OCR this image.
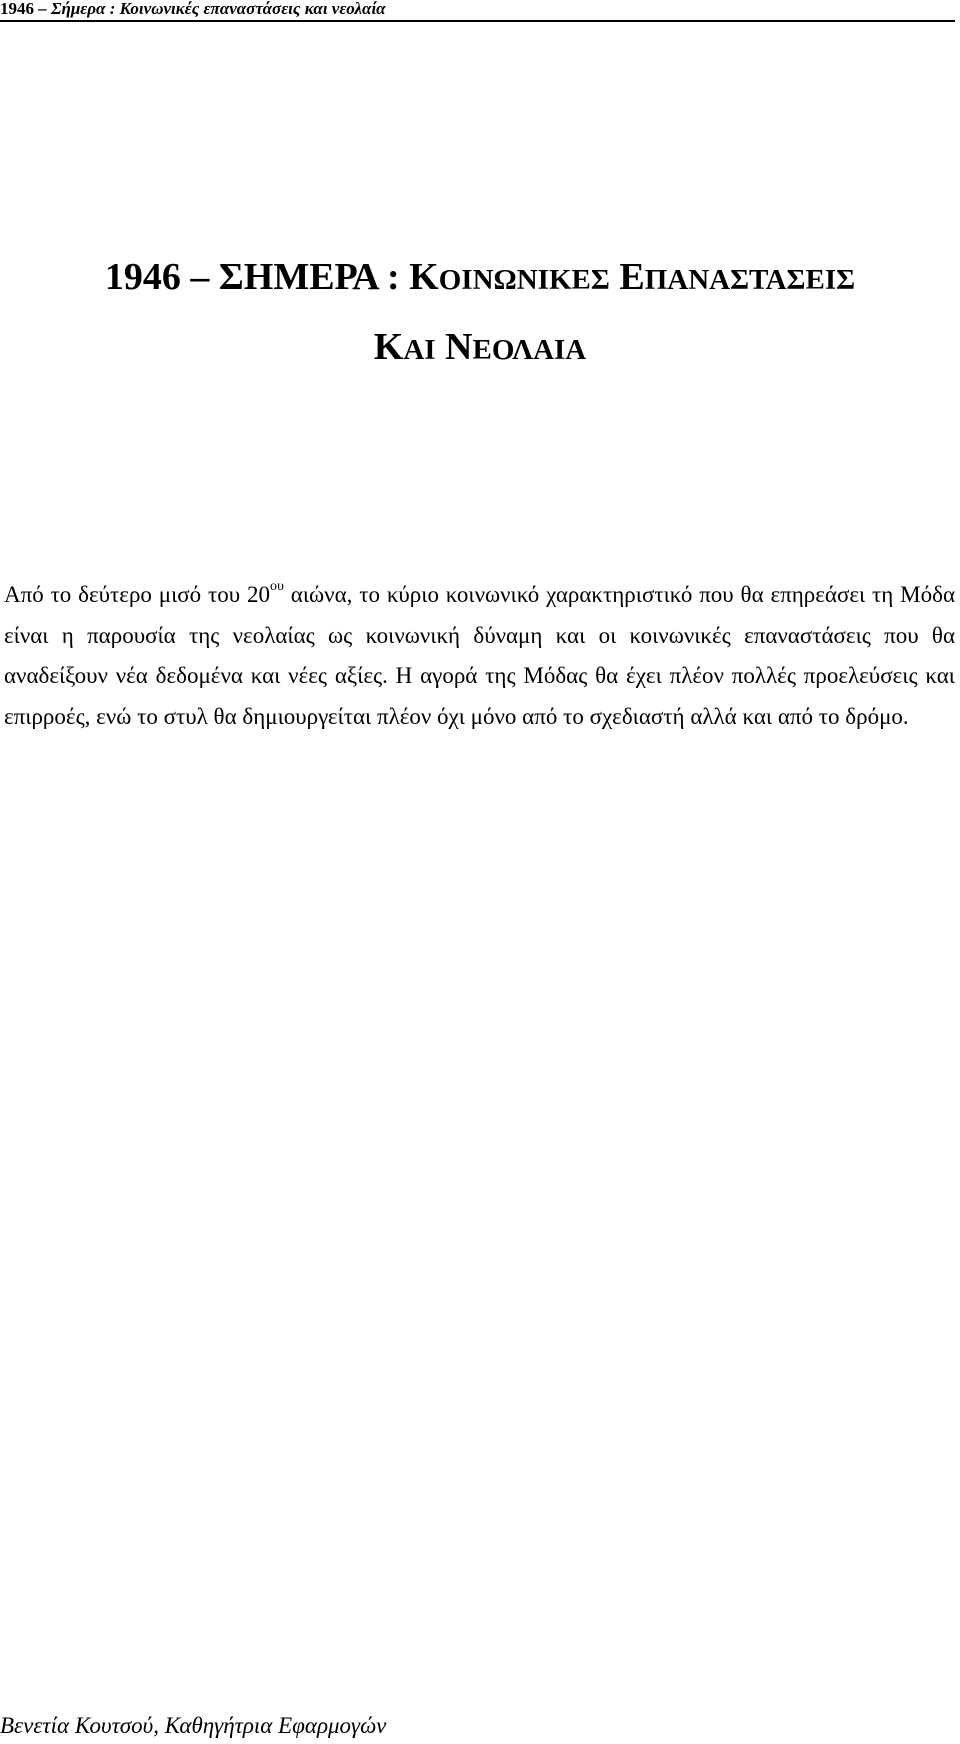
1946 – Σήμερα : Κοινωνικές επαναστάσεις και νεολαία
1946 – ΣΗΜΕΡΑ : ΚΟΙΝΩΝΙΚΕΣ ΕΠΑΝΑΣΤΑΣΕΙΣ
ΚΑΙ ΝΕΟΛΑΙΑ

Από το δεύτερο μισό του $20^{o\upsilon}$ αιώνα, το κύριο κοινωνικό χαρακτηριστικό που θα επηρεάσει τη Μόδα είναι η παρουσία της νεολαίας ως κοινωνική δύναμη και οι κοινωνικές επαναστάσεις που θα αναδείξουν νέα δεδομένα και νέες αξίες. Η αγορά της Μόδας θα έχει πλέον πολλές προελεύσεις και επιρροές, ενώ το στυλ θα δημιουργείται πλέον όχι μόνο από το σχεδιαστή αλλά και από το δρόμο.

Βενετία Κουτσού, Καθηγήτρια Εφαρμογών
